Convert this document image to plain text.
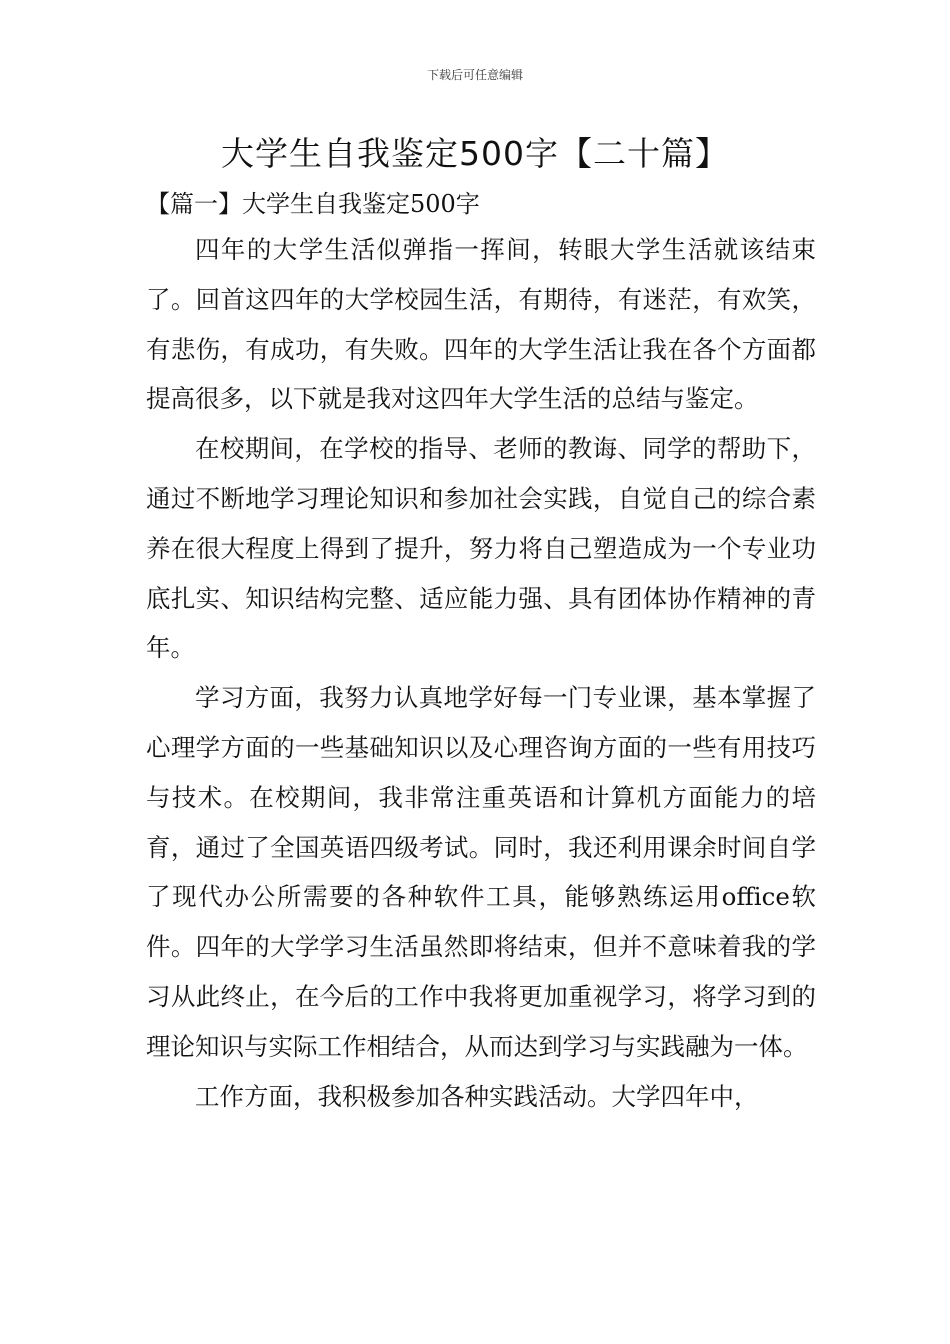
下载后可任意编辑
大学生自我鉴定500字【二十篇】
【篇一】大学生自我鉴定500字

四年的大学生活似弹指一挥间，转眼大学生活就该结束了。回首这四年的大学校园生活，有期待，有迷茫，有欢笑，有悲伤，有成功，有失败。四年的大学生活让我在各个方面都提高很多，以下就是我对这四年大学生活的总结与鉴定。

在校期间，在学校的指导、老师的教诲、同学的帮助下，通过不断地学习理论知识和参加社会实践，自觉自己的综合素养在很大程度上得到了提升，努力将自己塑造成为一个专业功底扎实、知识结构完整、适应能力强、具有团体协作精神的青年。

学习方面，我努力认真地学好每一门专业课，基本掌握了心理学方面的一些基础知识以及心理咨询方面的一些有用技巧与技术。在校期间，我非常注重英语和计算机方面能力的培育，通过了全国英语四级考试。同时，我还利用课余时间自学了现代办公所需要的各种软件工具，能够熟练运用office软件。四年的大学学习生活虽然即将结束，但并不意味着我的学习从此终止，在今后的工作中我将更加重视学习，将学习到的理论知识与实际工作相结合，从而达到学习与实践融为一体。

工作方面，我积极参加各种实践活动。大学四年中，
